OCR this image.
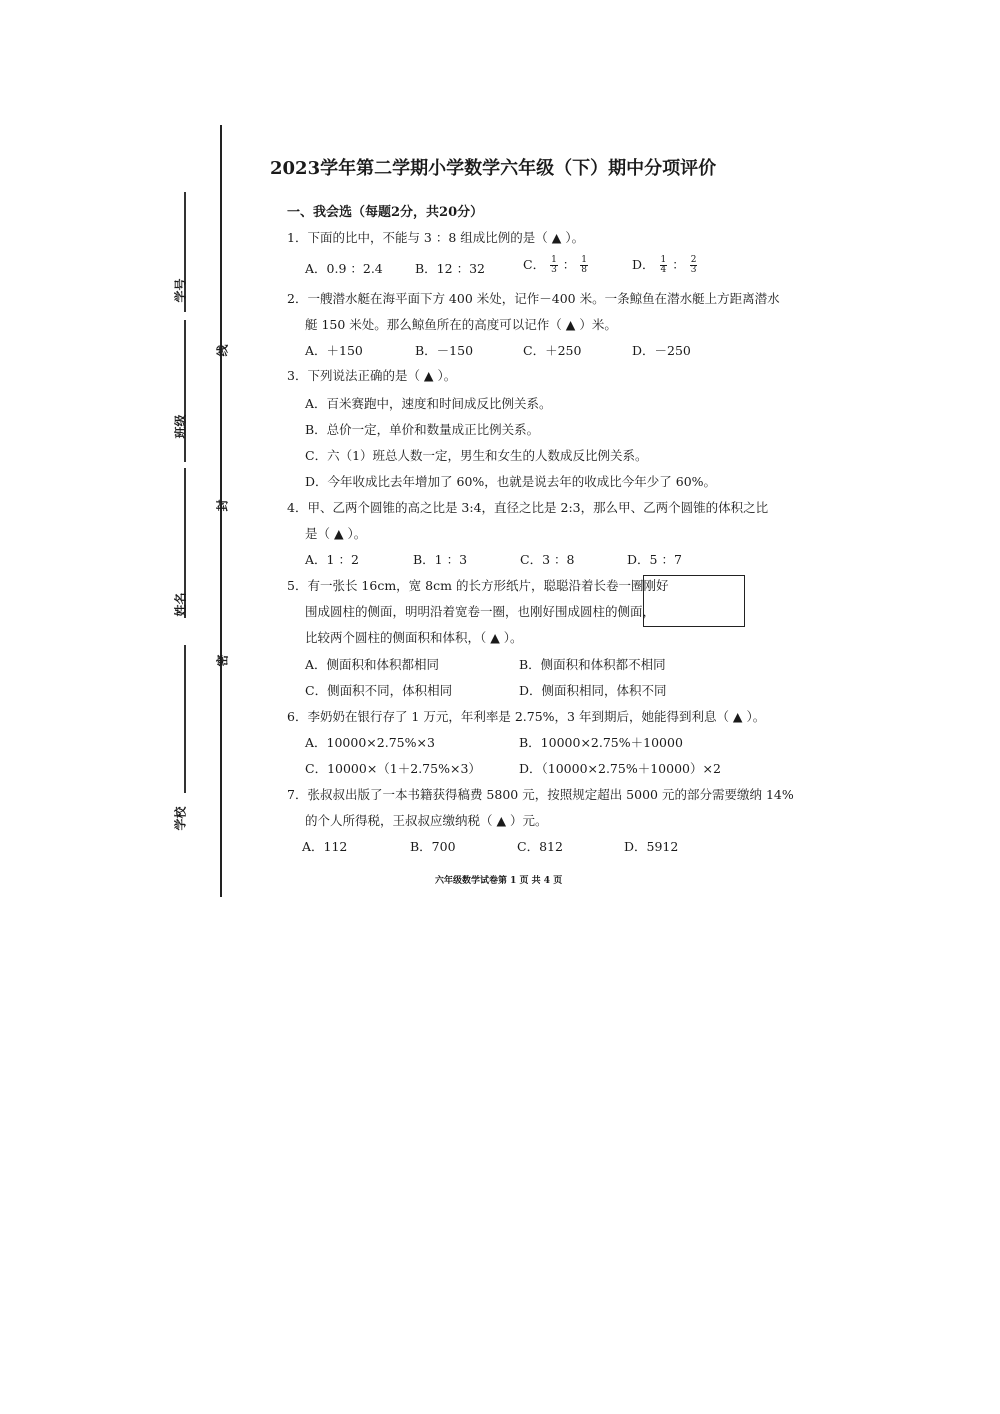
学号
班级
姓名
学校
线
封
密
2023学年第二学期小学数学六年级（下）期中分项评价
一、我会选（每题2分，共20分）
1．下面的比中，不能与 3 ：8 组成比例的是（ ▲ ）。
A．0.9 ：2.4	B．12 ：32	C． $\frac{1}{3}$ ： $\frac{1}{8}$	D． $\frac{1}{4}$ ： $\frac{2}{3}$
2．一艘潜水艇在海平面下方 400 米处，记作－400 米。一条鲸鱼在潜水艇上方距离潜水
艇 150 米处。那么鲸鱼所在的高度可以记作（ ▲ ）米。
A．＋150	B．－150	C．＋250	D．－250
3．下列说法正确的是（ ▲ ）。
A．百米赛跑中，速度和时间成反比例关系。
B．总价一定，单价和数量成正比例关系。
C．六（1）班总人数一定，男生和女生的人数成反比例关系。
D．今年收成比去年增加了 60%，也就是说去年的收成比今年少了 60%。
4．甲、乙两个圆锥的高之比是 3:4，直径之比是 2:3，那么甲、乙两个圆锥的体积之比
是（ ▲ ）。
A．1 ：2	B．1 ：3	C．3 ：8	D．5 ：7
5．有一张长 16cm，宽 8cm 的长方形纸片，聪聪沿着长卷一圈刚好
围成圆柱的侧面，明明沿着宽卷一圈，也刚好围成圆柱的侧面，
比较两个圆柱的侧面积和体积，（ ▲ ）。
A．侧面积和体积都相同	B．侧面积和体积都不相同
C．侧面积不同，体积相同	D．侧面积相同，体积不同
6．李奶奶在银行存了 1 万元，年利率是 2.75%，3 年到期后，她能得到利息（ ▲ ）。
A．10000×2.75%×3	B．10000×2.75%＋10000
C．10000×（1＋2.75%×3）	D．（10000×2.75%＋10000）×2
7．张叔叔出版了一本书籍获得稿费 5800 元，按照规定超出 5000 元的部分需要缴纳 14%
的个人所得税，王叔叔应缴纳税（ ▲ ）元。
A．112	B．700	C．812	D．5912
六年级数学试卷第 1 页 共 4 页
